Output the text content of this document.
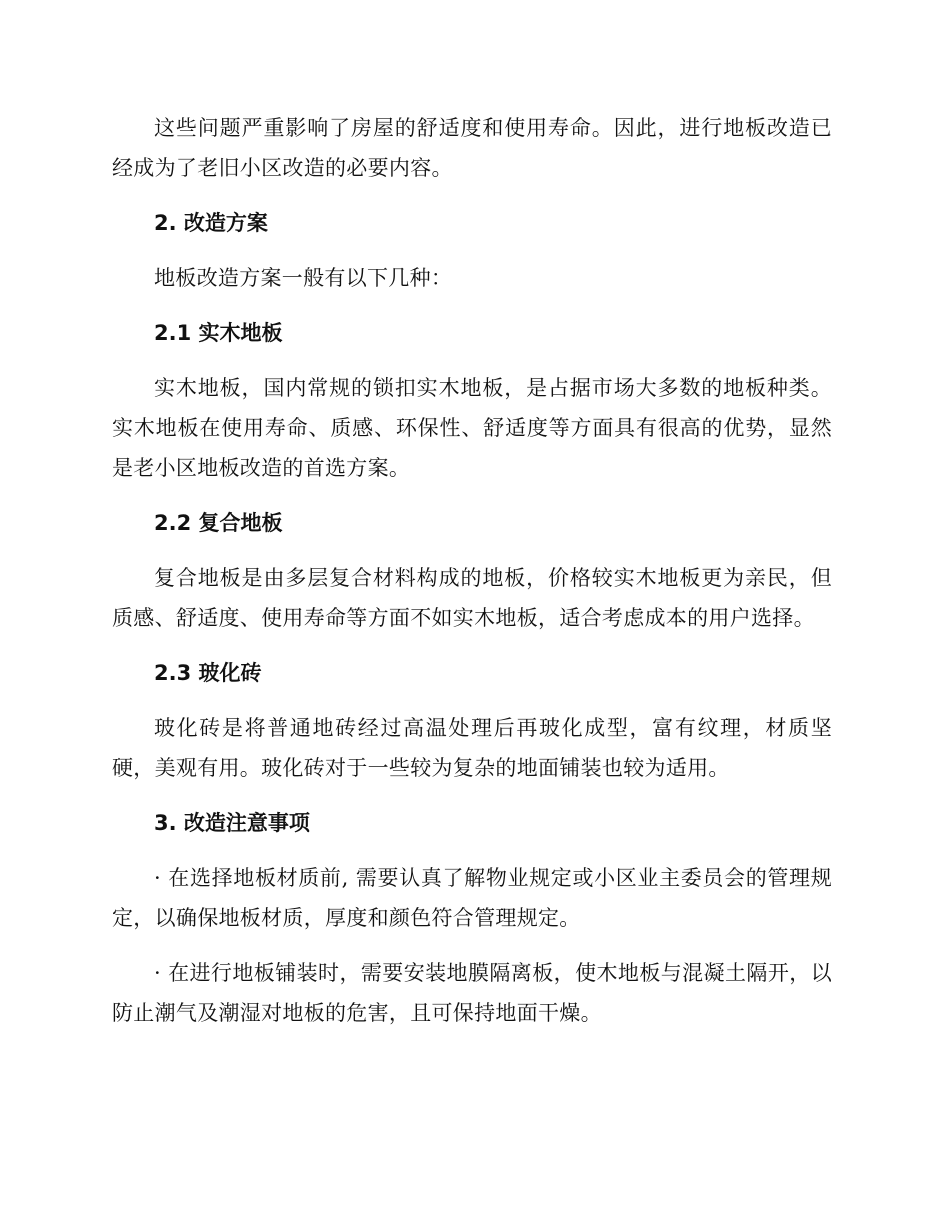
这些问题严重影响了房屋的舒适度和使用寿命。因此，进行地板改造已经成为了老旧小区改造的必要内容。

2. 改造方案

地板改造方案一般有以下几种：

2.1 实木地板

实木地板，国内常规的锁扣实木地板，是占据市场大多数的地板种类。实木地板在使用寿命、质感、环保性、舒适度等方面具有很高的优势，显然是老小区地板改造的首选方案。

2.2 复合地板

复合地板是由多层复合材料构成的地板，价格较实木地板更为亲民，但质感、舒适度、使用寿命等方面不如实木地板，适合考虑成本的用户选择。

2.3 玻化砖

玻化砖是将普通地砖经过高温处理后再玻化成型，富有纹理，材质坚硬，美观有用。玻化砖对于一些较为复杂的地面铺装也较为适用。

3. 改造注意事项

· 在选择地板材质前, 需要认真了解物业规定或小区业主委员会的管理规定，以确保地板材质，厚度和颜色符合管理规定。

· 在进行地板铺装时，需要安装地膜隔离板，使木地板与混凝土隔开，以防止潮气及潮湿对地板的危害，且可保持地面干燥。
